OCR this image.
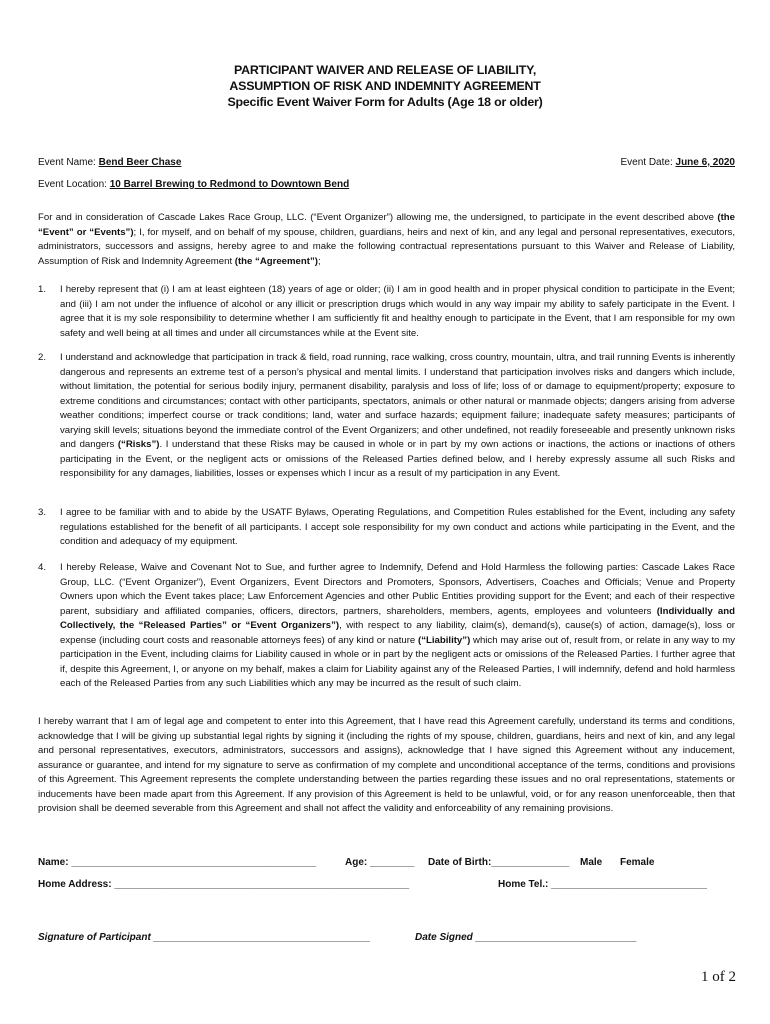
PARTICIPANT WAIVER AND RELEASE OF LIABILITY,
ASSUMPTION OF RISK AND INDEMNITY AGREEMENT
Specific Event Waiver Form for Adults (Age 18 or older)
Event Name: Bend Beer Chase	Event Date: June 6, 2020
Event Location: 10 Barrel Brewing to Redmond to Downtown Bend
For and in consideration of Cascade Lakes Race Group, LLC. (“Event Organizer”) allowing me, the undersigned, to participate in the event described above (the “Event” or “Events”); I, for myself, and on behalf of my spouse, children, guardians, heirs and next of kin, and any legal and personal representatives, executors, administrators, successors and assigns, hereby agree to and make the following contractual representations pursuant to this Waiver and Release of Liability, Assumption of Risk and Indemnity Agreement (the “Agreement”);
1. I hereby represent that (i) I am at least eighteen (18) years of age or older; (ii) I am in good health and in proper physical condition to participate in the Event; and (iii) I am not under the influence of alcohol or any illicit or prescription drugs which would in any way impair my ability to safely participate in the Event. I agree that it is my sole responsibility to determine whether I am sufficiently fit and healthy enough to participate in the Event, that I am responsible for my own safety and well being at all times and under all circumstances while at the Event site.
2. I understand and acknowledge that participation in track & field, road running, race walking, cross country, mountain, ultra, and trail running Events is inherently dangerous and represents an extreme test of a person’s physical and mental limits. I understand that participation involves risks and dangers which include, without limitation, the potential for serious bodily injury, permanent disability, paralysis and loss of life; loss of or damage to equipment/property; exposure to extreme conditions and circumstances; contact with other participants, spectators, animals or other natural or manmade objects; dangers arising from adverse weather conditions; imperfect course or track conditions; land, water and surface hazards; equipment failure; inadequate safety measures; participants of varying skill levels; situations beyond the immediate control of the Event Organizers; and other undefined, not readily foreseeable and presently unknown risks and dangers (“Risks”). I understand that these Risks may be caused in whole or in part by my own actions or inactions, the actions or inactions of others participating in the Event, or the negligent acts or omissions of the Released Parties defined below, and I hereby expressly assume all such Risks and responsibility for any damages, liabilities, losses or expenses which I incur as a result of my participation in any Event.
3. I agree to be familiar with and to abide by the USATF Bylaws, Operating Regulations, and Competition Rules established for the Event, including any safety regulations established for the benefit of all participants. I accept sole responsibility for my own conduct and actions while participating in the Event, and the condition and adequacy of my equipment.
4. I hereby Release, Waive and Covenant Not to Sue, and further agree to Indemnify, Defend and Hold Harmless the following parties: Cascade Lakes Race Group, LLC. (“Event Organizer”), Event Organizers, Event Directors and Promoters, Sponsors, Advertisers, Coaches and Officials; Venue and Property Owners upon which the Event takes place; Law Enforcement Agencies and other Public Entities providing support for the Event; and each of their respective parent, subsidiary and affiliated companies, officers, directors, partners, shareholders, members, agents, employees and volunteers (Individually and Collectively, the “Released Parties” or “Event Organizers”), with respect to any liability, claim(s), demand(s), cause(s) of action, damage(s), loss or expense (including court costs and reasonable attorneys fees) of any kind or nature (“Liability”) which may arise out of, result from, or relate in any way to my participation in the Event, including claims for Liability caused in whole or in part by the negligent acts or omissions of the Released Parties. I further agree that if, despite this Agreement, I, or anyone on my behalf, makes a claim for Liability against any of the Released Parties, I will indemnify, defend and hold harmless each of the Released Parties from any such Liabilities which any may be incurred as the result of such claim.
I hereby warrant that I am of legal age and competent to enter into this Agreement, that I have read this Agreement carefully, understand its terms and conditions, acknowledge that I will be giving up substantial legal rights by signing it (including the rights of my spouse, children, guardians, heirs and next of kin, and any legal and personal representatives, executors, administrators, successors and assigns), acknowledge that I have signed this Agreement without any inducement, assurance or guarantee, and intend for my signature to serve as confirmation of my complete and unconditional acceptance of the terms, conditions and provisions of this Agreement. This Agreement represents the complete understanding between the parties regarding these issues and no oral representations, statements or inducements have been made apart from this Agreement. If any provision of this Agreement is held to be unlawful, void, or for any reason unenforceable, then that provision shall be deemed severable from this Agreement and shall not affect the validity and enforceability of any remaining provisions.
Name: ____________________________________________	Age: ________ Date of Birth:______________ Male Female
Home Address: _____________________________________________________	Home Tel.: ____________________________
Signature of Participant _______________________________________	Date Signed _____________________________
1 of 2
